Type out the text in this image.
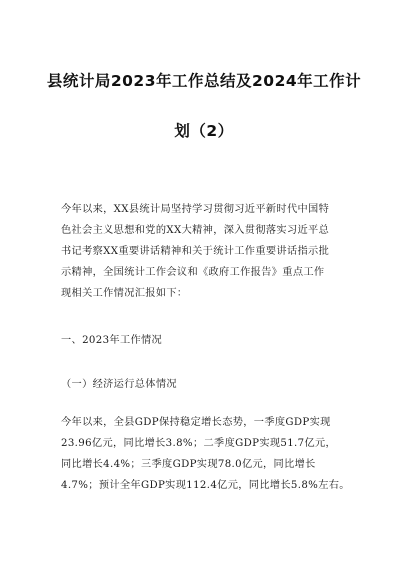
县统计局2023年工作总结及2024年工作计
划（2）

今年以来，XX县统计局坚持学习贯彻习近平新时代中国特
色社会主义思想和党的XX大精神，深入贯彻落实习近平总
书记考察XX重要讲话精神和关于统计工作重要讲话指示批
示精神，全国统计工作会议和《政府工作报告》重点工作
现相关工作情况汇报如下：

一、2023年工作情况

（一）经济运行总体情况

今年以来，全县GDP保持稳定增长态势，一季度GDP实现
23.96亿元，同比增长3.8%；二季度GDP实现51.7亿元，
同比增长4.4%；三季度GDP实现78.0亿元，同比增长
4.7%；预计全年GDP实现112.4亿元，同比增长5.8%左右。
